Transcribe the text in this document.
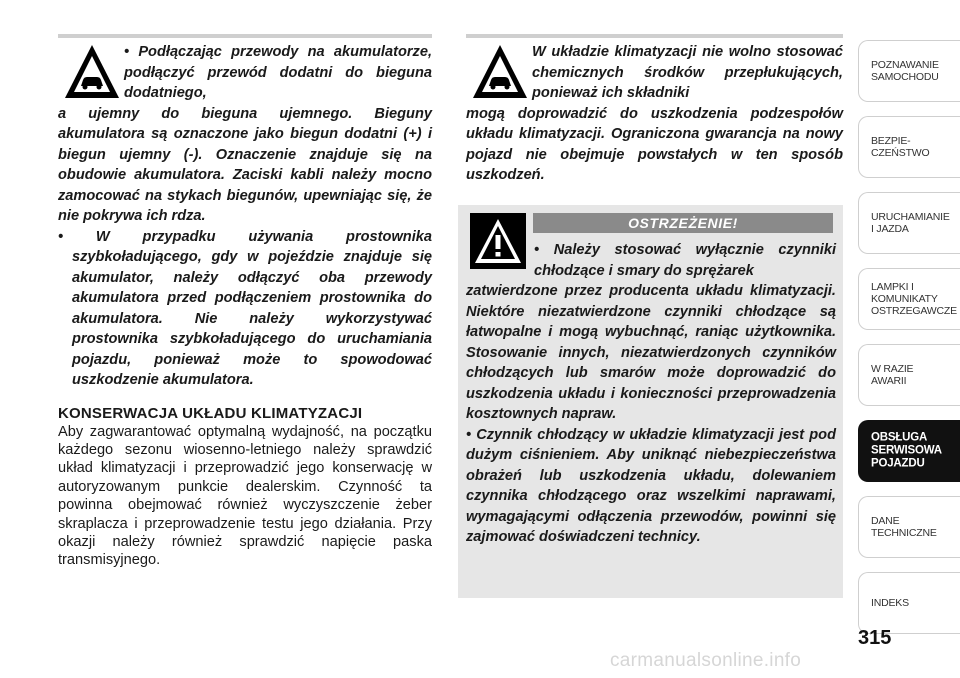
• Podłączając przewody na akumulatorze, podłączyć przewód dodatni do bieguna dodatniego,

a ujemny do bieguna ujemnego. Bieguny akumulatora są oznaczone jako biegun dodatni (+) i biegun ujemny (-). Oznaczenie znajduje się na obudowie akumulatora. Zaciski kabli należy mocno zamocować na stykach biegunów, upewniając się, że nie pokrywa ich rdza.

• W przypadku używania prostownika szybkoładującego, gdy w pojeździe znajduje się akumulator, należy odłączyć oba przewody akumulatora przed podłączeniem prostownika do akumulatora. Nie należy wykorzystywać prostownika szybkoładującego do uruchamiania pojazdu, ponieważ może to spowodować uszkodzenie akumulatora.

KONSERWACJA UKŁADU KLIMATYZACJI

Aby zagwarantować optymalną wydajność, na początku każdego sezonu wiosenno-letniego należy sprawdzić układ klimatyzacji i przeprowadzić jego konserwację w autoryzowanym punkcie dealerskim. Czynność ta powinna obejmować również wyczyszczenie żeber skraplacza i przeprowadzenie testu jego działania. Przy okazji należy również sprawdzić napięcie paska transmisyjnego.

W układzie klimatyzacji nie wolno stosować chemicznych środków przepłukujących, ponieważ ich składniki

mogą doprowadzić do uszkodzenia podzespołów układu klimatyzacji. Ograniczona gwarancja na nowy pojazd nie obejmuje powstałych w ten sposób uszkodzeń.

OSTRZEŻENIE!

• Należy stosować wyłącznie czynniki chłodzące i smary do sprężarek

zatwierdzone przez producenta układu klimatyzacji. Niektóre niezatwierdzone czynniki chłodzące są łatwopalne i mogą wybuchnąć, raniąc użytkownika. Stosowanie innych, niezatwierdzonych czynników chłodzących lub smarów może doprowadzić do uszkodzenia układu i konieczności przeprowadzenia kosztownych napraw.

• Czynnik chłodzący w układzie klimatyzacji jest pod dużym ciśnieniem. Aby uniknąć niebezpieczeństwa obrażeń lub uszkodzenia układu, dolewaniem czynnika chłodzącego oraz wszelkimi naprawami, wymagającymi odłączenia przewodów, powinni się zajmować doświadczeni technicy.

POZNAWANIE
SAMOCHODU
BEZPIE-
CZEŃSTWO
URUCHAMIANIE
I JAZDA
LAMPKI I
KOMUNIKATY
OSTRZEGAWCZE
W RAZIE
AWARII
OBSŁUGA
SERWISOWA
POJAZDU
DANE
TECHNICZNE
INDEKS
315
carmanualsonline.info
